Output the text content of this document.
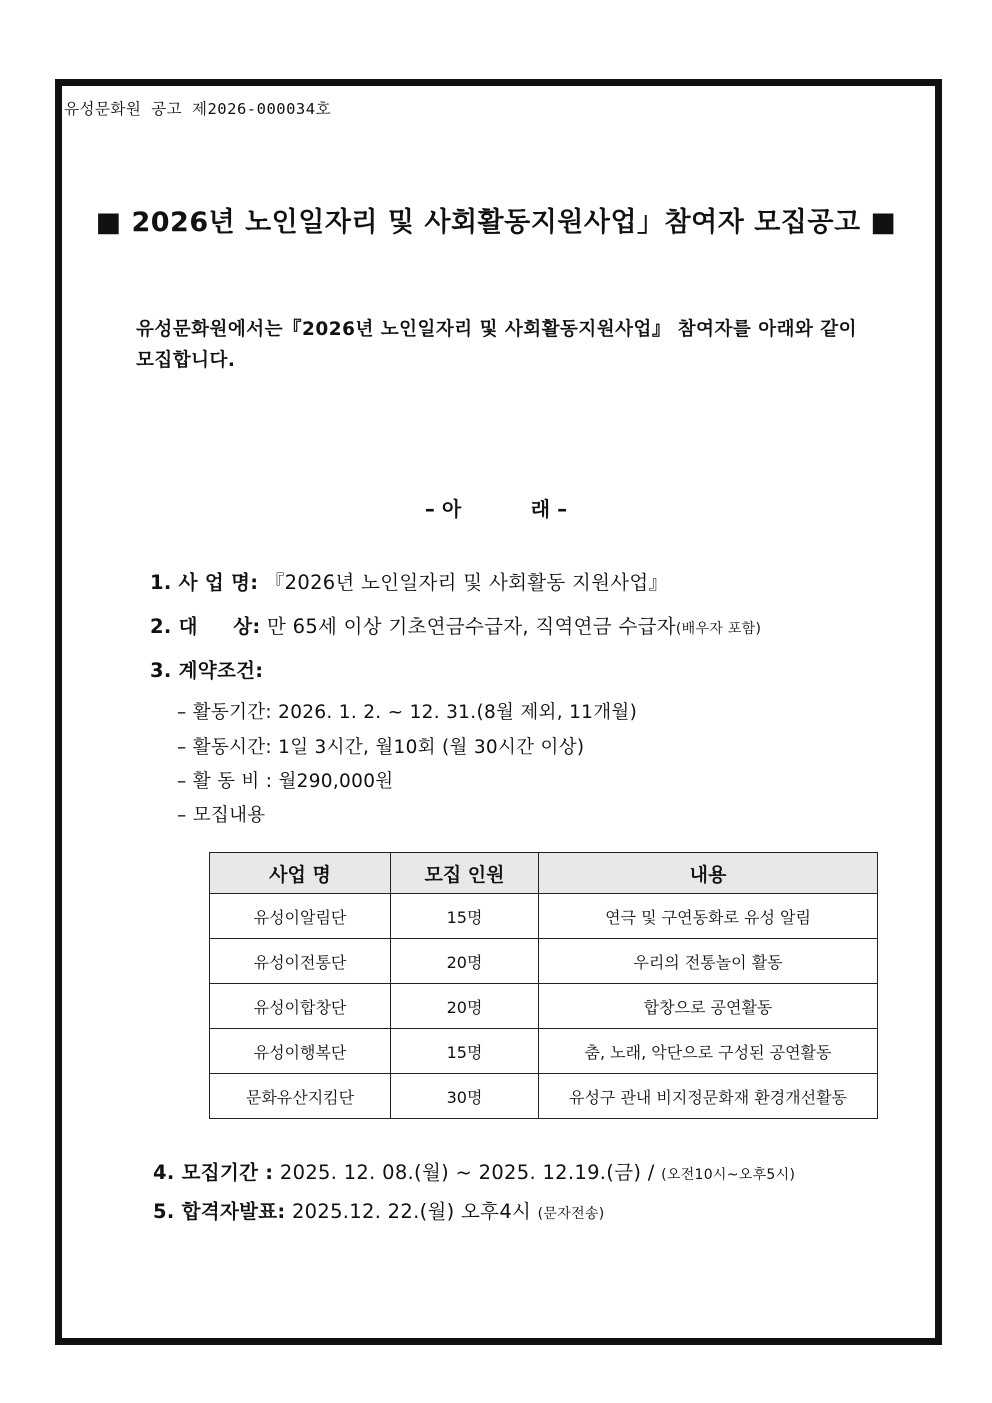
유성문화원 공고 제2026-000034호
■ 2026년 노인일자리 및 사회활동지원사업」참여자 모집공고 ■
유성문화원에서는『2026년 노인일자리 및 사회활동지원사업』 참여자를 아래와 같이 모집합니다.
– 아          래 –
1. 사 업 명: 『2026년 노인일자리 및 사회활동 지원사업』
2. 대     상: 만 65세 이상 기초연금수급자, 직역연금 수급자(배우자 포함)
3. 계약조건:
– 활동기간: 2026. 1. 2. ~ 12. 31.(8월 제외, 11개월)
– 활동시간: 1일 3시간, 월10회 (월 30시간 이상)
– 활 동 비 : 월290,000원
– 모집내용
사업 명	모집 인원	내용
유성이알림단	15명	연극 및 구연동화로 유성 알림
유성이전통단	20명	우리의 전통놀이 활동
유성이합창단	20명	합창으로 공연활동
유성이행복단	15명	춤, 노래, 악단으로 구성된 공연활동
문화유산지킴단	30명	유성구 관내 비지정문화재 환경개선활동
4. 모집기간 : 2025. 12. 08.(월) ~ 2025. 12.19.(금) / (오전10시~오후5시)
5. 합격자발표: 2025.12. 22.(월) 오후4시 (문자전송)
